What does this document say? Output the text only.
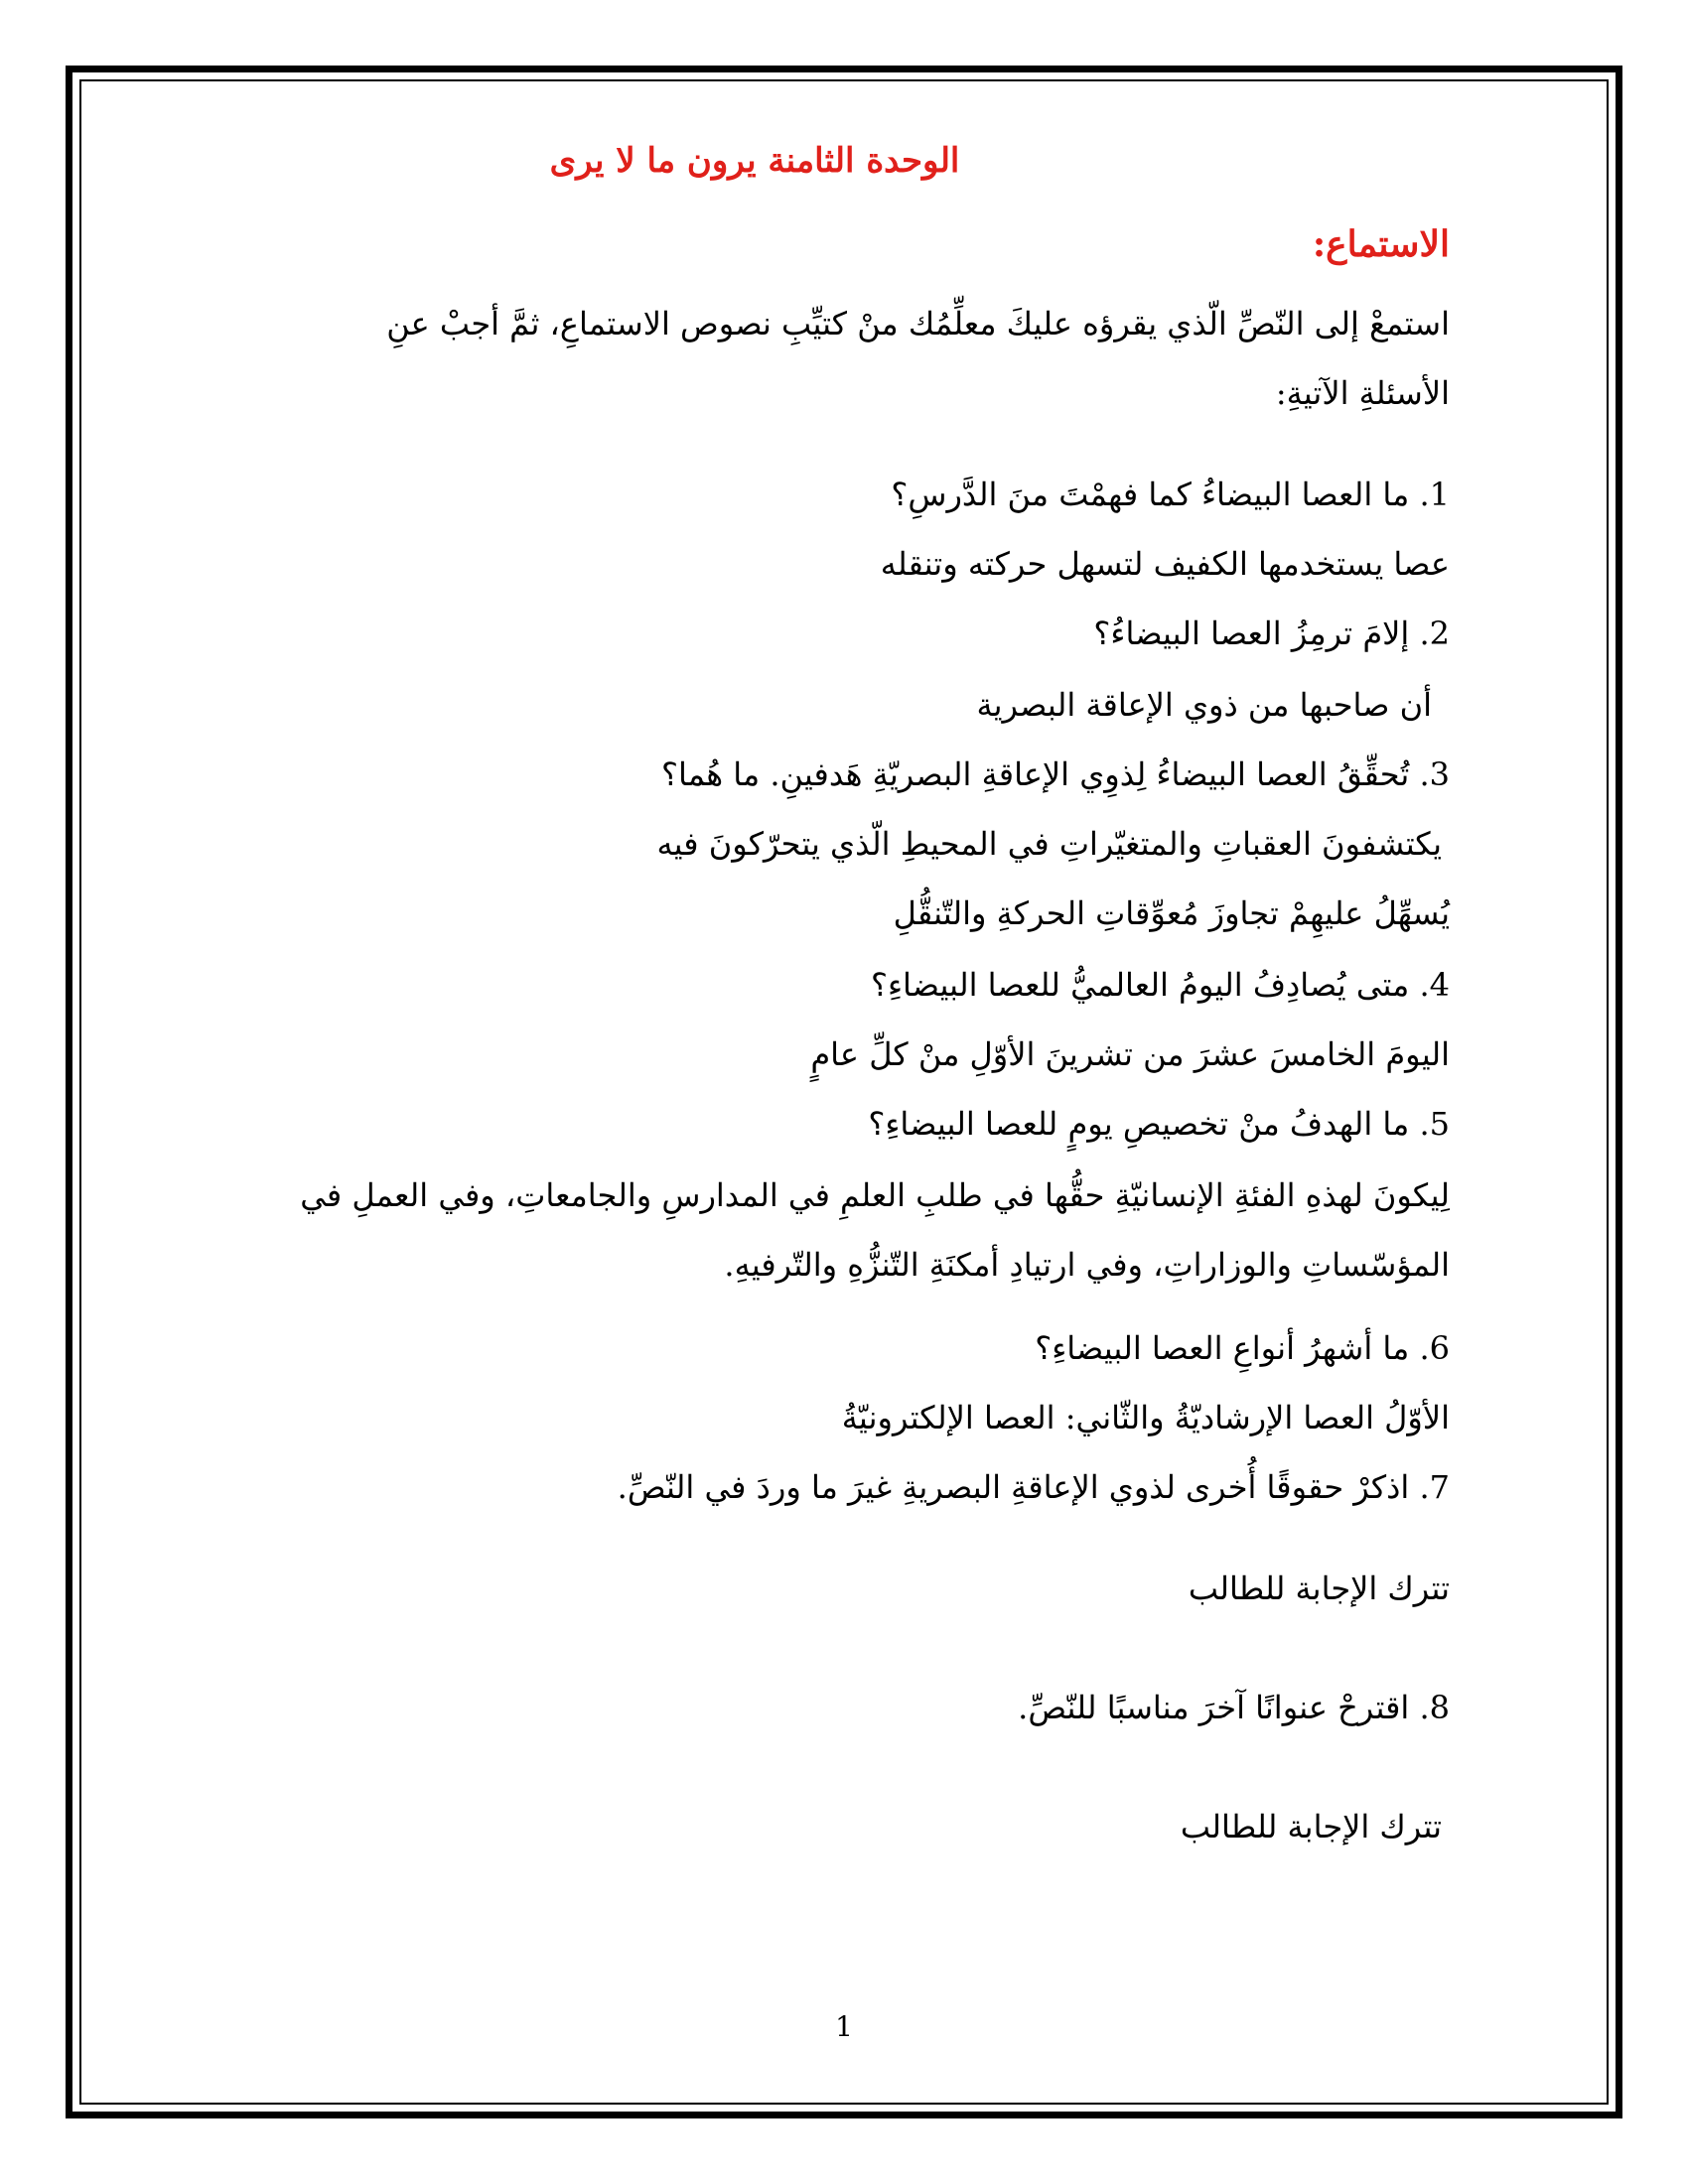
الوحدة الثامنة يرون ما لا يرى
الاستماع:
استمعْ إلى النّصِّ الّذي يقرؤه عليكَ معلِّمُك منْ كتيِّبِ نصوص الاستماعِ، ثمَّ أجبْ عنِ
الأسئلةِ الآتيةِ:
1. ما العصا البيضاءُ كما فهمْتَ منَ الدَّرسِ؟
عصا يستخدمها الكفيف لتسهل حركته وتنقله
2. إلامَ ترمِزُ العصا البيضاءُ؟
أن صاحبها من ذوي الإعاقة البصرية
3. تُحقِّقُ العصا البيضاءُ لِذوِي الإعاقةِ البصريّةِ هَدفينِ. ما هُما؟
يكتشفونَ العقباتِ والمتغيّراتِ في المحيطِ الّذي يتحرّكونَ فيه
يُسهِّلُ عليهِمْ تجاوزَ مُعوِّقاتِ الحركةِ والتّنقُّلِ
4. متى يُصادِفُ اليومُ العالميُّ للعصا البيضاءِ؟
اليومَ الخامسَ عشرَ من تشرينَ الأوّلِ منْ كلِّ عامٍ
5. ما الهدفُ منْ تخصيصِ يومٍ للعصا البيضاءِ؟
لِيكونَ لهذهِ الفئةِ الإنسانيّةِ حقُّها في طلبِ العلمِ في المدارسِ والجامعاتِ، وفي العملِ في
المؤسّساتِ والوزاراتِ، وفي ارتيادِ أمكنَةِ التّنزُّهِ والتّرفيهِ.
6. ما أشهرُ أنواعِ العصا البيضاءِ؟
الأوّلُ العصا الإرشاديّةُ والثّاني: العصا الإلكترونيّةُ
7. اذكرْ حقوقًا أُخرى لذوي الإعاقةِ البصريةِ غيرَ ما وردَ في النّصِّ.
تترك الإجابة للطالب
8. اقترحْ عنوانًا آخرَ مناسبًا للنّصِّ.
تترك الإجابة للطالب
1
